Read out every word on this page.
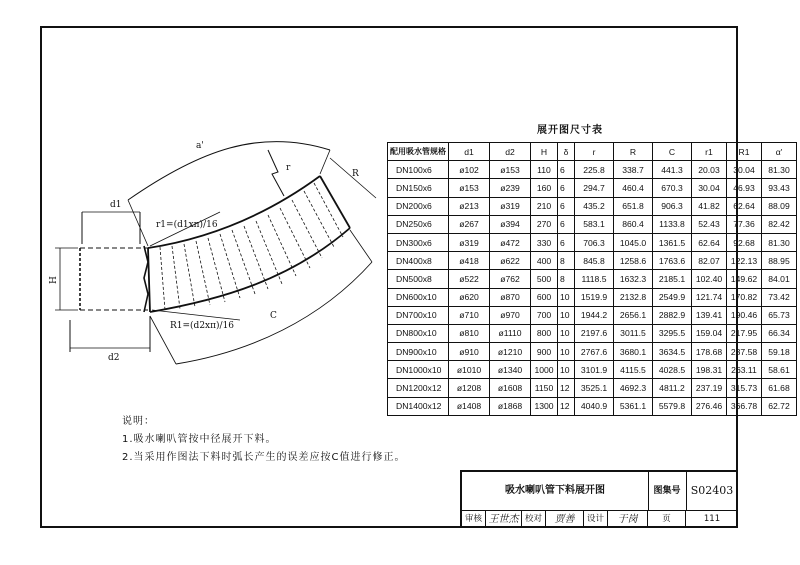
a'
d1
d2
H
R
r
C
r1=(d1xπ)/16
R1=(d2xπ)/16
展开图尺寸表
配用吸水管规格	d1	d2	H	δ	r	R	C	r1	R1	α'
DN100x6	ø102	ø153	110	6	225.8	338.7	441.3	20.03	30.04	81.30
DN150x6	ø153	ø239	160	6	294.7	460.4	670.3	30.04	46.93	93.43
DN200x6	ø213	ø319	210	6	435.2	651.8	906.3	41.82	62.64	88.09
DN250x6	ø267	ø394	270	6	583.1	860.4	1133.8	52.43	77.36	82.42
DN300x6	ø319	ø472	330	6	706.3	1045.0	1361.5	62.64	92.68	81.30
DN400x8	ø418	ø622	400	8	845.8	1258.6	1763.6	82.07	122.13	88.95
DN500x8	ø522	ø762	500	8	1118.5	1632.3	2185.1	102.40	149.62	84.01
DN600x10	ø620	ø870	600	10	1519.9	2132.8	2549.9	121.74	170.82	73.42
DN700x10	ø710	ø970	700	10	1944.2	2656.1	2882.9	139.41	190.46	65.73
DN800x10	ø810	ø1110	800	10	2197.6	3011.5	3295.5	159.04	217.95	66.34
DN900x10	ø910	ø1210	900	10	2767.6	3680.1	3634.5	178.68	237.58	59.18
DN1000x10	ø1010	ø1340	1000	10	3101.9	4115.5	4028.5	198.31	263.11	58.61
DN1200x12	ø1208	ø1608	1150	12	3525.1	4692.3	4811.2	237.19	315.73	61.68
DN1400x12	ø1408	ø1868	1300	12	4040.9	5361.1	5579.8	276.46	366.78	62.72
说明：
1.吸水喇叭管按中径展开下料。
2.当采用作图法下料时弧长产生的误差应按C值进行修正。
吸水喇叭管下料展开图	图集号 S02403
审核 王世杰 校对	贾善	设计	于岗	页	111
